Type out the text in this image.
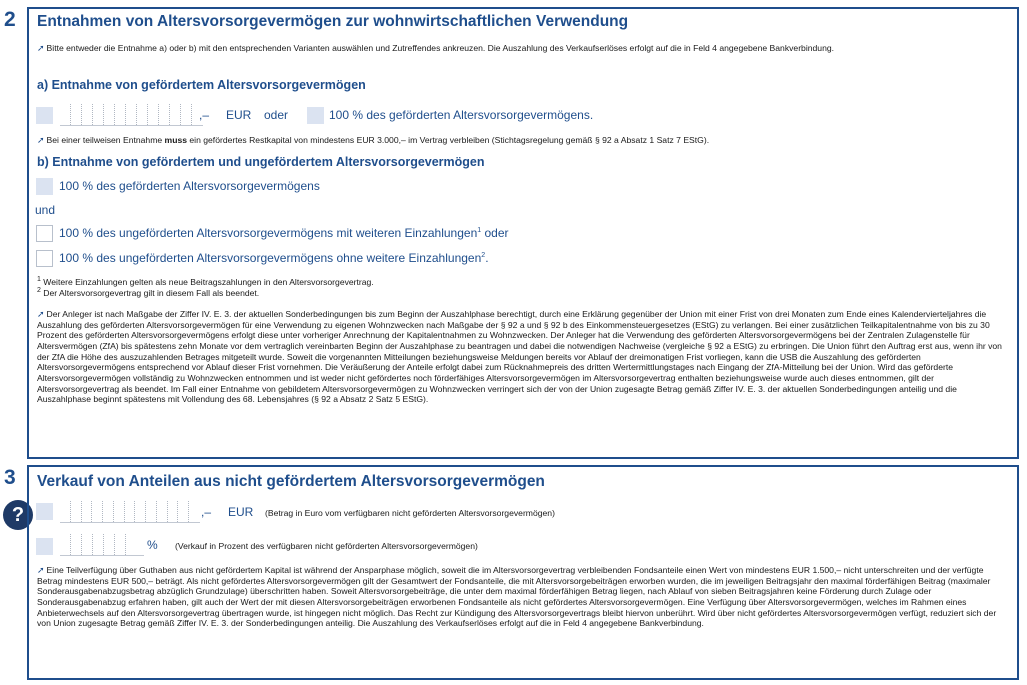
2 Entnahmen von Altersvorsorgevermögen zur wohnwirtschaftlichen Verwendung
➚ Bitte entweder die Entnahme a) oder b) mit den entsprechenden Varianten auswählen und Zutreffendes ankreuzen. Die Auszahlung des Verkaufserlöses erfolgt auf die in Feld 4 angegebene Bankverbindung.
a) Entnahme von gefördertem Altersvorsorgevermögen
,– EUR oder	100 % des geförderten Altersvorsorgevermögens.
➚ Bei einer teilweisen Entnahme muss ein gefördertes Restkapital von mindestens EUR 3.000,– im Vertrag verbleiben (Stichtagsregelung gemäß § 92 a Absatz 1 Satz 7 EStG).
b) Entnahme von gefördertem und ungefördertem Altersvorsorgevermögen
100 % des geförderten Altersvorsorgevermögens
und
100 % des ungeförderten Altersvorsorgevermögens mit weiteren Einzahlungen$^1$ oder
100 % des ungeförderten Altersvorsorgevermögens ohne weitere Einzahlungen$^2$.
$^1$ Weitere Einzahlungen gelten als neue Beitragszahlungen in den Altersvorsorgevertrag.
$^2$ Der Altersvorsorgevertrag gilt in diesem Fall als beendet.
➚ Der Anleger ist nach Maßgabe der Ziffer IV. E. 3. der aktuellen Sonderbedingungen bis zum Beginn der Auszahlphase berechtigt, durch eine Erklärung gegenüber der Union mit einer Frist von drei Monaten zum Ende eines Kalendervierteljahres die Auszahlung des geförderten Altersvorsorgevermögen für eine Verwendung zu eigenen Wohnzwecken nach Maßgabe der § 92 a und § 92 b des Einkommensteuergesetzes (EStG) zu verlangen. Bei einer zusätzlichen Teilkapitalentnahme von bis zu 30 Prozent des geförderten Altersvorsorgevermögens erfolgt diese unter vorheriger Anrechnung der Kapitalentnahmen zu Wohnzwecken. Der Anleger hat die Verwendung des geförderten Altersvorsorgevermögens bei der Zentralen Zulagenstelle für Altersvermögen (ZfA) bis spätestens zehn Monate vor dem vertraglich vereinbarten Beginn der Auszahlphase zu beantragen und dabei die notwendigen Nachweise (vergleiche § 92 a EStG) zu erbringen. Die Union führt den Auftrag erst aus, wenn ihr von der ZfA die Höhe des auszuzahlenden Betrages mitgeteilt wurde. Soweit die vorgenannten Mitteilungen beziehungsweise Meldungen bereits vor Ablauf der dreimonatigen Frist vorliegen, kann die USB die Auszahlung des geförderten Altersvorsorgevermögens entsprechend vor Ablauf dieser Frist vornehmen. Die Veräußerung der Anteile erfolgt dabei zum Rücknahmepreis des dritten Wertermittlungstages nach Eingang der ZfA-Mitteilung bei der Union. Wird das geförderte Altersvorsorgevermögen vollständig zu Wohnzwecken entnommen und ist weder nicht gefördertes noch förderfähiges Altersvorsorgevermögen im Altersvorsorgevertrag enthalten beziehungsweise wurde auch dieses entnommen, gilt der Altersvorsorgevertrag als beendet. Im Fall einer Entnahme von gebildetem Altersvorsorgevermögen zu Wohnzwecken verringert sich der von der Union zugesagte Betrag gemäß Ziffer IV. E. 3. der aktuellen Sonderbedingungen anteilig und die Auszahlphase beginnt spätestens mit Vollendung des 68. Lebensjahres (§ 92 a Absatz 2 Satz 5 EStG).
3
?
Verkauf von Anteilen aus nicht gefördertem Altersvorsorgevermögen
,– EUR (Betrag in Euro vom verfügbaren nicht geförderten Altersvorsorgevermögen)
% (Verkauf in Prozent des verfügbaren nicht geförderten Altersvorsorgevermögen)
➚ Eine Teilverfügung über Guthaben aus nicht gefördertem Kapital ist während der Ansparphase möglich, soweit die im Altersvorsorgevertrag verbleibenden Fondsanteile einen Wert von mindestens EUR 1.500,– nicht unterschreiten und der verfügte Betrag mindestens EUR 500,– beträgt. Als nicht gefördertes Altersvorsorgevermögen gilt der Gesamtwert der Fondsanteile, die mit Altersvorsorgebeiträgen erworben wurden, die im jeweiligen Beitragsjahr den maximal förderfähigen Beitrag (maximaler Sonderausgabenabzugsbetrag abzüglich Grundzulage) überschritten haben. Soweit Altersvorsorgebeiträge, die unter dem maximal förderfähigen Betrag liegen, nach Ablauf von sieben Beitragsjahren keine Förderung durch Zulage oder Sonderausgabenabzug erfahren haben, gilt auch der Wert der mit diesen Altersvorsorgebeiträgen erworbenen Fondsanteile als nicht gefördertes Altersvorsorgevermögen. Eine Verfügung über Altersvorsorgevermögen, welches im Rahmen eines Anbieterwechsels auf den Altersvorsorgevertrag übertragen wurde, ist hingegen nicht möglich. Das Recht zur Kündigung des Altersvorsorgevertrags bleibt hiervon unberührt. Wird über nicht gefördertes Altersvorsorgevermögen verfügt, reduziert sich der von Union zugesagte Betrag gemäß Ziffer IV. E. 3. der Sonderbedingungen anteilig. Die Auszahlung des Verkaufserlöses erfolgt auf die in Feld 4 angegebene Bankverbindung.
